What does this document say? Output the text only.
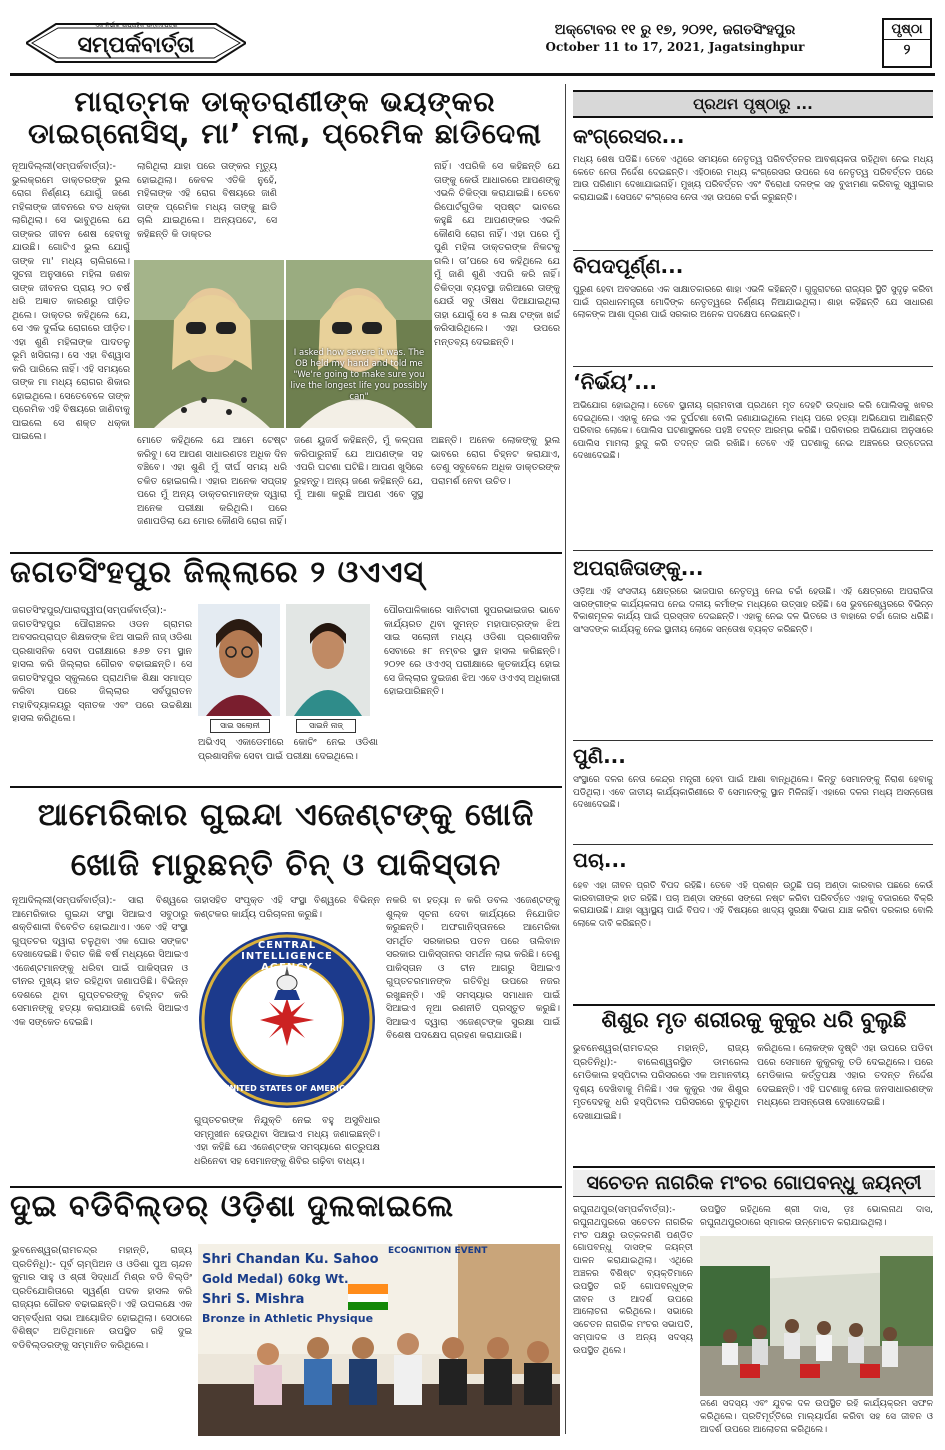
ଏକ ନିର୍ଭୀକ ସାପ୍ତାହିକ ସମ୍ବାଦପତ୍ର
ସମ୍ପର୍କବାର୍ତ୍ତା
ଅକ୍ଟୋବର ୧୧ ରୁ ୧୭, ୨୦୨୧, ଜଗତସିଂହପୁର
October 11 to 17, 2021, Jagatsinghpur
ପୃଷ୍ଠା
୨
ମାରାତ୍ମକ ଡାକ୍ତରାଣୀଙ୍କ ଭୟଙ୍କର
ଡାଇଗ୍ନୋସିସ୍, ମା’ ମଲା, ପ୍ରେମିକ ଛାଡିଦେଲା
ନୂଆଦିଲ୍ଲୀ(ସମ୍ପର୍କବାର୍ତ୍ତା):- ଭୁଲକ୍ରମେ ଡାକ୍ତରଙ୍କ ଭୁଲ ରୋଗ ନିର୍ଣ୍ଣୟ ଯୋଗୁଁ ଜଣେ ମହିଳାଙ୍କ ଜୀବନରେ ବଡ ଧକ୍କା ଲାଗିଥିଲା। ସେ ଭାବୁଥିଲେ ଯେ ତାଙ୍କର ଜୀବନ ଶେଷ ହେବାକୁ ଯାଉଛି। ଗୋଟିଏ ଭୁଲ ଯୋଗୁଁ ତାଙ୍କ ମା' ମଧ୍ୟ ଚାଲିଗଲେ। ସୁଚନା ଅନୁସାରେ ମହିଳା ଜଣକ ତାଙ୍କ ଜୀବନର ପ୍ରାୟ ୨୦ ବର୍ଷ ଧରି ଅଜ୍ଞାତ କାରଣରୁ ପୀଡ଼ିତ ଥିଲେ। ଡାକ୍ତର କହିଥିଲେ ଯେ, ସେ ଏକ ଦୁର୍ଲଭ ରୋଗରେ ପୀଡ଼ିତ। ଏହା ଶୁଣି ମହିଳାଙ୍କ ପାଦତଳୁ ଭୂମି ଖସିଗଲା। ସେ ଏହା ବିଶ୍ୱାସ କରି ପାରିଲେ ନାହିଁ। ଏହି ସମୟରେ ତାଙ୍କ ମା ମଧ୍ୟ ରୋଗର ଶିକାର ହୋଇଥିଲେ। ସେତେବେଳେ ତାଙ୍କ ପ୍ରେମିକ ଏହି ବିଷୟରେ ଜାଣିବାକୁ ପାଇଲେ ସେ ଶକ୍ତ ଧକ୍କା ପାଇଲେ।
ଲାଗିଥିଲା ଯାହା ପରେ ତାଙ୍କର ମୃତ୍ୟୁ ହୋଇଥିଲା। କେବଳ ଏତିକି ନୁହେଁ, ମହିଳାଙ୍କ ଏହି ରୋଗ ବିଷୟରେ ଜାଣି ତାଙ୍କ ପ୍ରେମିକ ମଧ୍ୟ ତାଙ୍କୁ ଛାଡି ଚାଲି ଯାଇଥିଲେ। ଅନ୍ୟପଟେ, ସେ କହିଛନ୍ତି କି ଡାକ୍ତର
ନାହିଁ। ଏପରିକି ସେ କହିଛନ୍ତି ଯେ ତାଙ୍କୁ କେଉଁ ଆଧାରରେ ଆପଣଙ୍କୁ ଏଭଳି ଚିକିତ୍ସା କରାଯାଇଛି। ତେବେ ରିପୋର୍ଟଗୁଡିକ ସ୍ପଷ୍ଟ ଭାବରେ କହୁଛି ଯେ ଆପଣଙ୍କର ଏଭଳି କୌଣସି ରୋଗ ନାହିଁ। ଏହା ପରେ ମୁଁ ପୁଣି ମହିଳା ଡାକ୍ତରଙ୍କ ନିକଟକୁ ଗଲି। ତା’ପରେ ସେ କହିଥିଲେ ଯେ ମୁଁ ଜାଣି ଶୁଣି ଏପରି କରି ନାହିଁ। ଚିକିତ୍ସା ବ୍ୟବସ୍ଥା ଜରିଆରେ ତାଙ୍କୁ ଯେଉଁ ସବୁ ଔଷଧ ଦିଆଯାଇଥିଲା ତାହା ଯୋଗୁଁ ସେ ୫ ଲକ୍ଷ ଟଙ୍କା ଖର୍ଚ୍ଚ କରିସାରିଥିଲେ। ଏହା ଉପରେ ମନ୍ତବ୍ୟ ଦେଇଛନ୍ତି।
I asked how severe it was. The OB held my hand and told me "We're going to make sure you live the longest life you possibly can"
ମୋତେ କହିଥିଲେ ଯେ ଆମେ ଟେଷ୍ଟ କରିବୁ। ସେ ଆପଣ ସାଧାରଣତଃ ଅଧିକ ଦିନ ବଞ୍ଚିବେ। ଏହା ଶୁଣି ମୁଁ ଦୀର୍ଘ ସମୟ ଧରି ଚକିତ ହୋଇଗଲି। ଏହାର ଅନେକ ସପ୍ତାହ ପରେ ମୁଁ ଅନ୍ୟ ଡାକ୍ତରମାନଙ୍କ ଦ୍ୱାରା ଅନେକ ପରୀକ୍ଷା କରିଥିଲି। ପରେ ଜଣାପଡିଲା ଯେ ମୋର କୌଣସି ରୋଗ ନାହିଁ।
ଜଣେ ୟୁଜର୍ସ କହିଛନ୍ତି, ମୁଁ କଳ୍ପନା କରିପାରୁନାହିଁ ଯେ ଆପଣଙ୍କ ସହ ଏପରି ଘଟଣା ଘଟିଛି। ଆପଣ ଖୁସିରେ ରୁହନ୍ତୁ। ଅନ୍ୟ ଜଣେ କହିଛନ୍ତି ଯେ, ମୁଁ ଆଶା କରୁଛି ଆପଣ ଏବେ ସୁସ୍ଥ ଅଛନ୍ତି। ଅନେକ ଲୋକଙ୍କୁ ଭୁଲ ଭାବରେ ରୋଗ ଚିହ୍ନଟ କରାଯାଏ, ତେଣୁ ସବୁବେଳେ ଅଧିକ ଡାକ୍ତରଙ୍କ ପରାମର୍ଶ ନେବା ଉଚିତ।
ଜଗତସିଂହପୁର ଜିଲ୍ଲାରେ ୨ ଓଏଏସ୍
ଜଗତସିଂହପୁର/ପାରାଦ୍ୱୀପ(ସମ୍ପର୍କବାର୍ତ୍ତା):- ଜଗତସିଂହପୁର ପୌରାଞ୍ଚଳର ଓଡନ ଗ୍ରାମର ଅବସରପ୍ରାପ୍ତ ଶିକ୍ଷକଙ୍କ ଝିଅ ସାଇନି ନାଜ୍ ଓଡିଶା ପ୍ରଶାସନିକ ସେବା ପରୀକ୍ଷାରେ ୫୬୭ ତମ ସ୍ଥାନ ହାସଲ କରି ଜିଲ୍ଲାର ଗୌରବ ବଢାଇଛନ୍ତି। ସେ ଜଗତସିଂହପୁର ସ୍କୁଲରେ ପ୍ରାଥମିକ ଶିକ୍ଷା ସମାପ୍ତ କରିବା ପରେ ଜିଲ୍ଲାର ସର୍ବପୁରାତନ ମହାବିଦ୍ୟାଳୟରୁ ସ୍ନାତକ ଏବଂ ପରେ ଉଚ୍ଚଶିକ୍ଷା ହାସଲ କରିଥିଲେ।
ସାଇ ସଲୋନୀ	ସାଇନି ନାଜ୍
ଅଭିଏସ୍ ଏକାଡେମୀରେ କୋଚିଂ ନେଇ ଓଡିଶା ପ୍ରଶାସନିକ ସେବା ପାଇଁ ପରୀକ୍ଷା ଦେଇଥିଲେ।
ପୌରପାଳିକାରେ ସାନିଟାରୀ ସୁପରଭାଇଜର ଭାବେ କାର୍ଯ୍ୟରତ ଥିବା ସୁମନ୍ତ ମହାପାତ୍ରଙ୍କ ଝିଅ ସାଇ ସଲୋନୀ ମଧ୍ୟ ଓଡିଶା ପ୍ରଶାସନିକ ସେବାରେ ୫୮ ନମ୍ବର ସ୍ଥାନ ହାସଲ କରିଛନ୍ତି। ୨୦୨୧ ରେ ଓଏଏସ୍ ପରୀକ୍ଷାରେ କୃତକାର୍ଯ୍ୟ ହୋଇ ସେ ଜିଲ୍ଲାର ଦୁଇଜଣ ଝିଅ ଏବେ ଓଏଏସ୍ ଅଧିକାରୀ ହୋଇପାରିଛନ୍ତି।
ଆମେରିକାର ଗୁଇନ୍ଦା ଏଜେଣ୍ଟଙ୍କୁ ଖୋଜି
ଖୋଜି ମାରୁଛନ୍ତି ଚିନ୍ ଓ ପାକିସ୍ତାନ
ନୂଆଦିଲ୍ଲୀ(ସମ୍ପର୍କବାର୍ତ୍ତା):- ସାରା ବିଶ୍ୱରେ ଆମେରିକାର ଗୁଇନ୍ଦା ସଂସ୍ଥା ସିଆଇଏ ସବୁଠାରୁ ଶକ୍ତିଶାଳୀ ବିବେଚିତ ହୋଇଥାଏ। ଏବେ ଏହି ସଂସ୍ଥା ଗୁପ୍ତଚର ଦ୍ୱାରା ଚଳୁଥିବା ଏକ ଘୋର ସଙ୍କଟ ଦେଖାଦେଇଛି। ବିଗତ କିଛି ବର୍ଷ ମଧ୍ୟରେ ସିଆଇଏ ଏଜେଣ୍ଟମାନଙ୍କୁ ଧରିବା ପାଇଁ ପାକିସ୍ତାନ ଓ ଚୀନର ମୁଖ୍ୟ ହାତ ରହିଥିବା ଜଣାପଡିଛି। ବିଭିନ୍ନ ଦେଶରେ ଥିବା ଗୁପ୍ତଚରଙ୍କୁ ଚିହ୍ନଟ କରି ସେମାନଙ୍କୁ ହତ୍ୟା କରାଯାଉଛି ବୋଲି ସିଆଇଏ ଏକ ସଙ୍କେତ ଦେଇଛି।
ତାହାସହିତ ସଂପୃକ୍ତ ଏହି ସଂସ୍ଥା ବିଶ୍ୱରେ ବିଭିନ୍ନ କଣ୍ଟକର କାର୍ଯ୍ୟ ପରିଚାଳନା କରୁଛି।
CENTRAL INTELLIGENCE AGENCY
UNITED STATES OF AMERICA
ଗୁପ୍ତଚରଙ୍କ ନିଯୁକ୍ତି ନେଇ ବହୁ ଅସୁବିଧାର ସମ୍ମୁଖୀନ ହେଉଥିବା ସିଆଇଏ ମଧ୍ୟ ଜଣାଇଛନ୍ତି। ଏହା କହିଛି ଯେ ଏଜେଣ୍ଟଙ୍କ ସମସ୍ୟାରେ ଶତ୍ରୁପକ୍ଷ ଧରିନେବା ସହ ସେମାନଙ୍କୁ ଶିବିର ଗଢ଼ିବା ବାଧ୍ୟ।
ନକରି ବା ହତ୍ୟା ନ କରି ଡବଲ ଏଜେଣ୍ଟଙ୍କୁ ଶୁଲ୍କ ସୂଚନା ଦେବା କାର୍ଯ୍ୟରେ ନିଯୋଜିତ କରୁଛନ୍ତି। ଅଫଗାନିସ୍ତାନରେ ଆମେରିକା ସମର୍ଥିତ ସରକାରର ପତନ ପରେ ତାଲିବାନ ସରକାର ପାକିସ୍ତାନର ସମର୍ଥନ ଲାଭ କରିଛି। ତେଣୁ ପାକିସ୍ତାନ ଓ ଚୀନ ଆଗରୁ ସିଆଇଏ ଗୁପ୍ତଚରମାନଙ୍କ ଗତିବିଧି ଉପରେ ନଜର ରଖୁଛନ୍ତି। ଏହି ସମସ୍ୟାର ସମାଧାନ ପାଇଁ ସିଆଇଏ ନୂଆ ରଣନୀତି ପ୍ରସ୍ତୁତ କରୁଛି। ସିଆଇଏ ଦ୍ୱାରା ଏଜେଣ୍ଟଙ୍କ ସୁରକ୍ଷା ପାଇଁ ବିଶେଷ ପଦକ୍ଷେପ ଗ୍ରହଣ କରାଯାଉଛି।
ଦୁଇ ବଡିବିଲ୍ଡର୍ ଓଡ଼ିଶା ଦୁଲକାଇଲେ
ଭୁବନେଶ୍ୱର(ରାମଚନ୍ଦ୍ର ମହାନ୍ତି, ରାଜ୍ୟ ପ୍ରତିନିଧି):- ପୂର୍ବ ଚାମ୍ପିଅନ ଓ ଓଡିଶା ପୁଅ ଚାନ୍ଦନ କୁମାର ସାହୁ ଓ ଶ୍ରୀ ସିଦ୍ଧାର୍ଥ ମିଶ୍ର ବଡି ବିଲ୍ଡିଂ ପ୍ରତିଯୋଗିତାରେ ସ୍ୱର୍ଣ୍ଣ ପଦକ ହାସଲ କରି ରାଜ୍ୟର ଗୌରବ ବଢାଇଛନ୍ତି। ଏହି ଉପଲକ୍ଷେ ଏକ ସମ୍ବର୍ଦ୍ଧନା ସଭା ଆୟୋଜିତ ହୋଇଥିଲା। ସେଠାରେ ବିଶିଷ୍ଟ ଅତିଥିମାନେ ଉପସ୍ଥିତ ରହି ଦୁଇ ବଡିବିଲ୍ଡରଙ୍କୁ ସମ୍ମାନିତ କରିଥିଲେ।
ECOGNITION EVENT
Shri Chandan Ku. Sahoo
Gold Medal) 60kg Wt.
Shri S. Mishra
Bronze in Athletic Physique
ପ୍ରଥମ ପୃଷ୍ଠାରୁ ...
କଂଗ୍ରେସର...
ମଧ୍ୟ ଶେଷ ପଡିଛି। ତେବେ ଏଥିରେ ସମୟରେ ନେତୃତ୍ୱ ପରିବର୍ତ୍ତନର ଆବଶ୍ୟକତା ରହିଥିବା ନେଇ ମଧ୍ୟ କେତେ ନେତା ନିର୍ଦ୍ଦେଶ ଦେଇଛନ୍ତି। ଏହିଠାରେ ମଧ୍ୟ କଂଗ୍ରେସର ଉପରେ ସେ ନେତୃତ୍ୱ ପରିବର୍ତ୍ତନ ପରେ ଆଉ ପରିଣାମ ଦେଖାଯାଇନାହିଁ। ମୁଖ୍ୟ ପରିବର୍ତ୍ତନ ଏବଂ ବିରୋଧୀ ଦଳଙ୍କ ସହ ବୁଝାମଣା କରିବାକୁ ସ୍ୱୀକାର କରାଯାଇଛି। ସେପଟେ କଂଗ୍ରେସ ନେତା ଏହା ଉପରେ ଚର୍ଚ୍ଚା କରୁଛନ୍ତି।
ବିପଦପୂର୍ଣ୍ଣ...
ପୁରୁଣ ହେବା ଅବସରରେ ଏକ ସାକ୍ଷାତକାରରେ ଶାହା ଏଭଳି କହିଛନ୍ତି। ଗୁଜୁରାଟରେ ରାଜ୍ୟର ସ୍ଥିତି ସୁଦୃଢ଼ କରିବା ପାଇଁ ପ୍ରଧାନମନ୍ତ୍ରୀ ମୋଦିଙ୍କ ନେତୃତ୍ୱରେ ନିର୍ଣ୍ଣୟ ନିଆଯାଇଥିଲା। ଶାହା କହିଛନ୍ତି ଯେ ସାଧାରଣ ଲୋକଙ୍କ ଆଶା ପୂରଣ ପାଇଁ ସରକାର ଅନେକ ପଦକ୍ଷେପ ନେଇଛନ୍ତି।
‘ନିର୍ଭୟ’...
ଅଭିଯୋଗ ହୋଇଥିଲା। ତେବେ ସ୍ଥାନୀୟ ଗ୍ରାମବାସୀ ପ୍ରଥମେ ମୃତ ଦେହଟି ଉଦ୍ଧାର କରି ପୋଲିସକୁ ଖବର ଦେଇଥିଲେ। ଏହାକୁ ନେଇ ଏକ ଦୁର୍ଘଟଣା ବୋଲି ଜଣାଯାଇଥିଲେ ମଧ୍ୟ ପରେ ହତ୍ୟା ଅଭିଯୋଗ ଆଣିଛନ୍ତି ପରିବାର ଲୋକେ। ପୋଲିସ ଘଟଣାସ୍ଥଳରେ ପହଞ୍ଚି ତଦନ୍ତ ଆରମ୍ଭ କରିଛି। ପରିବାରର ଅଭିଯୋଗ ଅନୁସାରେ ପୋଲିସ ମାମଲା ରୁଜୁ କରି ତଦନ୍ତ ଜାରି ରଖିଛି। ତେବେ ଏହି ଘଟଣାକୁ ନେଇ ଅଞ୍ଚଳରେ ଉତ୍ତେଜନା ଦେଖାଦେଇଛି।
ଅପରାଜିତାଙ୍କୁ...
ଓଡ଼ିଆ ଏହି ସଂସଦୀୟ କ୍ଷେତ୍ରରେ ଭାଜପାର ନେତୃତ୍ୱ ନେଇ ଚର୍ଚ୍ଚା ହେଉଛି। ଏହି କ୍ଷେତ୍ରରେ ଅପରାଜିତା ସାରଙ୍ଗୀଙ୍କ କାର୍ଯ୍ୟକଳାପ ନେଇ ଦଳୀୟ କର୍ମୀଙ୍କ ମଧ୍ୟରେ ଉତ୍ସାହ ରହିଛି। ସେ ଭୁବନେଶ୍ୱରରେ ବିଭିନ୍ନ ବିକାଶମୂଳକ କାର୍ଯ୍ୟ ପାଇଁ ପ୍ରସ୍ତାବ ଦେଇଛନ୍ତି। ଏହାକୁ ନେଇ ଦଳ ଭିତରେ ଓ ବାହାରେ ଚର୍ଚ୍ଚା ଜୋର ଧରିଛି। ସାଂସଦଙ୍କ କାର୍ଯ୍ୟକୁ ନେଇ ସ୍ଥାନୀୟ ଲୋକେ ସନ୍ତୋଷ ବ୍ୟକ୍ତ କରିଛନ୍ତି।
ପୁଣି...
ସଂସ୍ଥାରେ ଦଳର ନେତା କେନ୍ଦ୍ର ମନ୍ତ୍ରୀ ହେବା ପାଇଁ ଆଶା ବାନ୍ଧିଥିଲେ। କିନ୍ତୁ ସେମାନଙ୍କୁ ନିରାଶ ହେବାକୁ ପଡିଥିଲା। ଏବେ ଜାତୀୟ କାର୍ଯ୍ୟକାରିଣୀରେ ବି ସେମାନଙ୍କୁ ସ୍ଥାନ ମିଳିନାହିଁ। ଏହାରେ ଦଳର ମଧ୍ୟ ଅସନ୍ତୋଷ ଦେଖାଦେଇଛି।
ପଚା...
ହେବ ଏହା ଜୀବନ ପ୍ରତି ବିପଦ ରହିଛି। ତେବେ ଏହି ପ୍ରଶ୍ନ ଉଠୁଛି ପଚା ଅଣ୍ଡା କାରବାର ପଛରେ କେଉଁ କାରବାରୀଙ୍କ ହାତ ରହିଛି। ପଚା ଅଣ୍ଡା ସଙ୍ଗେ ସଙ୍ଗେ ନଷ୍ଟ କରିବା ପରିବର୍ତ୍ତେ ଏହାକୁ ବଜାରରେ ବିକ୍ରି କରାଯାଉଛି। ଯାହା ସ୍ୱାସ୍ଥ୍ୟ ପାଇଁ ବିପଦ। ଏହି ବିଷୟରେ ଖାଦ୍ୟ ସୁରକ୍ଷା ବିଭାଗ ଯାଞ୍ଚ କରିବା ଦରକାର ବୋଲି ଲୋକେ ଦାବି କରିଛନ୍ତି।
ଶିଶୁର ମୃତ ଶରୀରକୁ କୁକୁର ଧରି ବୁଲୁଛି
ଭୁବନେଶ୍ୱର(ରାମଚନ୍ଦ୍ର ମହାନ୍ତି, ରାଜ୍ୟ ପ୍ରତିନିଧି):- ବାଲେଶ୍ୱରସ୍ଥିତ ଡାମରେଲ ମେଡିକାଲ ହସ୍ପିଟାଲ ପରିସରରେ ଏକ ଅମାନବୀୟ ଦୃଶ୍ୟ ଦେଖିବାକୁ ମିଳିଛି। ଏକ କୁକୁର ଏକ ଶିଶୁର ମୃତଦେହକୁ ଧରି ହସ୍ପିଟାଲ ପରିସରରେ ବୁଲୁଥିବା ଦେଖାଯାଇଛି।
କରିଥିଲେ। ଲୋକଙ୍କ ଦୃଷ୍ଟି ଏହା ଉପରେ ପଡିବା ପରେ ସେମାନେ କୁକୁରକୁ ତଡି ଦେଇଥିଲେ। ପରେ ମେଡିକାଲ କର୍ତ୍ତୃପକ୍ଷ ଏହାର ତଦନ୍ତ ନିର୍ଦ୍ଦେଶ ଦେଇଛନ୍ତି। ଏହି ଘଟଣାକୁ ନେଇ ଜନସାଧାରଣଙ୍କ ମଧ୍ୟରେ ଅସନ୍ତୋଷ ଦେଖାଦେଇଛି।
ସଚେତନ ନାଗରିକ ମଂଚର ଗୋପବନ୍ଧୁ ଜୟନ୍ତୀ
ରଘୁନାଥପୁର(ସମ୍ପର୍କବାର୍ତ୍ତା):- ରଘୁନାଥପୁରରେ ସଚେତନ ନାଗରିକ ମଂଚ ପକ୍ଷରୁ ଉତ୍କଳମଣି ପଣ୍ଡିତ ଗୋପବନ୍ଧୁ ଦାସଙ୍କ ଜୟନ୍ତୀ ପାଳନ କରାଯାଇଥିଲା। ଏଥିରେ ଅଞ୍ଚଳର ବିଶିଷ୍ଟ ବ୍ୟକ୍ତିମାନେ ଉପସ୍ଥିତ ରହି ଗୋପବନ୍ଧୁଙ୍କ ଜୀବନ ଓ ଆଦର୍ଶ ଉପରେ ଆଲୋଚନା କରିଥିଲେ। ସଭାରେ ସଚେତନ ନାଗରିକ ମଂଚର ସଭାପତି, ସମ୍ପାଦକ ଓ ଅନ୍ୟ ସଦସ୍ୟ ଉପସ୍ଥିତ ଥିଲେ।
ଉପସ୍ଥିତ ରହିଥିଲେ ଶ୍ରୀ ଦାସ, ଡ଼ଃ ଭୋଲନାଥ ଦାସ, ରଘୁନାଥପୁରଠାରେ ସ୍ମାରକ ଉନ୍ମୋଚନ କରାଯାଇଥିଲା।
ଜଣେ ସଦସ୍ୟ ଏବଂ ଯୁବକ ଦଳ ଉପସ୍ଥିତ ରହି କାର୍ଯ୍ୟକ୍ରମ ସଫଳ କରିଥିଲେ। ପ୍ରତିମୂର୍ତ୍ତିରେ ମାଲ୍ୟାର୍ପଣ କରିବା ସହ ସେ ଜୀବନ ଓ ଆଦର୍ଶ ଉପରେ ଆଲୋଚନା କରିଥିଲେ।
